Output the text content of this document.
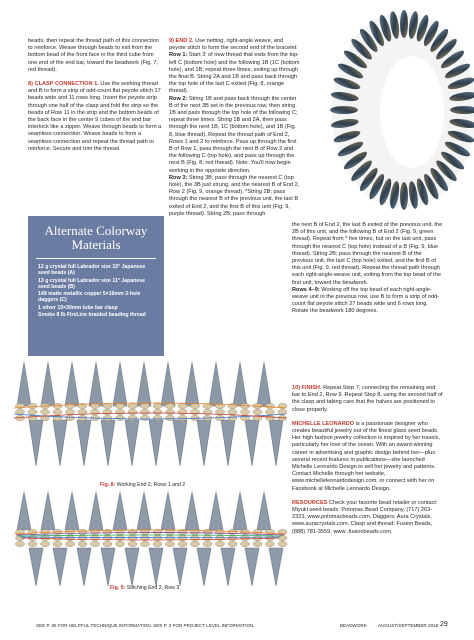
beads, then repeat the thread path of this connection to reinforce. Weave through beads to exit from the bottom bead of the front face in the third cube from one end of the end bar, toward the beadwork (Fig. 7, red thread).

8) CLASP CONNECTION 1. Use the working thread and B to form a strip of odd-count flat peyote stitch 17 beads wide and 11 rows long. Insert the peyote strip through one half of the clasp and fold the strip so the beads of Row 11 in the strip and the bottom beads of the back face in the center 9 cubes of the end bar interlock like a zipper. Weave through beads to form a seamless connection. Weave beads to form a seamless connection and repeat the thread path to reinforce. Secure and trim the thread.

Alternate Colorway Materials
12 g crystal full Labrador size 15° Japanese seed beads (A)
13 g crystal full Labrador size 11° Japanese seed beads (B)
149 matte metallic copper 5×16mm 2-hole daggers (C)
1 silver 10×30mm tube bar clasp
Smoke 8 lb FireLine braided beading thread

9) END 2. Use netting, right-angle weave, and peyote stitch to form the second end of the bracelet:
Row 1: Start 3' of new thread that exits from the top-left C (bottom hole) and the following 1B (1C (bottom hole), and 1B; repeat three times, exiting up through the final B. String 2A and 1B and pass back through the top hole of the last C exited (Fig. 8, orange thread).
Row 2: String 1B and pass back through the center B of the next 3B set in the previous row, then string 1B and pass through the top hole of the following C; repeat three times. String 1B and 2A, then pass through the next 1B, 1C (bottom hole), and 1B (Fig. 8, blue thread). Repeat the thread path of End 2, Rows 1 and 2 to reinforce. Pass up through the first B of Row 1, pass through the next B of Row 2 and the following C (top hole), and pass up through the next B (Fig. 8, red thread). Note: You'll now begin working in the opposite direction.
Row 3: String 3B; pass through the nearest C (top hole), the 3B just strung, and the nearest B of End 2, Row 2 (Fig. 9, orange thread). *String 2B; pass through the nearest B of the previous unit, the last B exited of End 2, and the first B of this unit (Fig. 9, purple thread). String 2B; pass through

the next B of End 2, the last B exited of the previous unit, the 2B of this unit, and the following B of End 2 (Fig. 9, green thread). Repeat from * five times, but on the last unit, pass through the nearest C (top hole) instead of a B (Fig. 9, blue thread). String 2B; pass through the nearest B of the previous unit, the last C (top hole) exited, and the first B of this unit (Fig. 9, red thread). Repeat the thread path through each right-angle-weave unit, exiting from the top bead of the first unit, toward the beadwork.
Rows 4–9: Working off the top bead of each right-angle-weave unit in the previous row, use B to form a strip of odd-count flat peyote stitch 27 beads wide and 6 rows long. Rotate the beadwork 180 degrees.

10) FINISH. Repeat Step 7, connecting the remaining end bar to End 2, Row 9. Repeat Step 8, using the second half of the clasp and taking care that the halves are positioned to close properly.

MICHELLE LEONARDO is a passionate designer who creates beautiful jewelry out of the finest glass seed beads. Her high fashion jewelry collection is inspired by her travels, particularly her love of the ocean. With an award-winning career in advertising and graphic design behind her—plus several recent features in publications—she launched Michelle Leonardo Design to sell her jewelry and patterns. Contact Michelle through her website, www.michelleleonardodesign.com, or connect with her on Facebook at Michelle Leonardo Design.

RESOURCES Check your favorite bead retailer or contact: Miyuki seed beads: Potomac Bead Company, (717) 263-2323, www.potomacbeads.com. Daggers: Aura Crystals, www.auracrystals.com. Clasp and thread: Fusion Beads, (888) 781-3559, www .fusionbeads.com.

Fig. 8: Working End 2, Rows 1 and 2
Fig. 9: Stitching End 2, Row 3
SEE P. 85 FOR HELPFUL TECHNIQUE INFORMATION. SEE P. 3 FOR PROJECT LEVEL INFORMATION.	BEADWORK AUGUST/SEPTEMBER 2018 29
